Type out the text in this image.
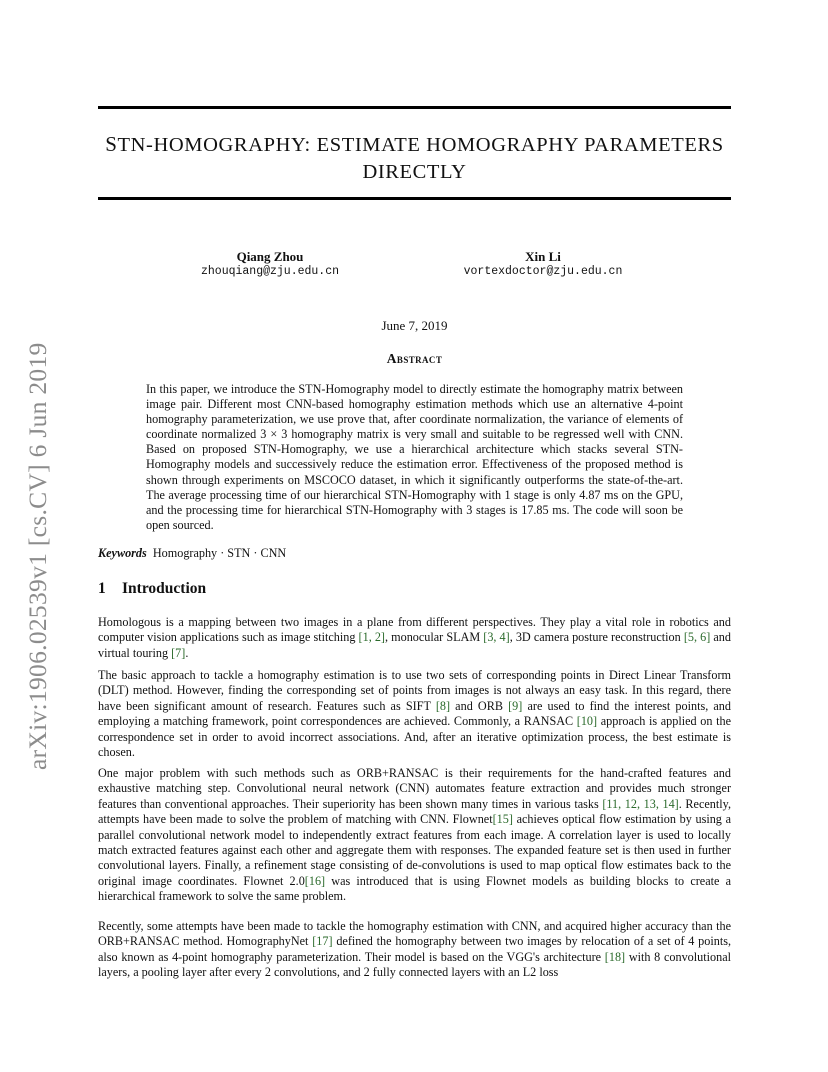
arXiv:1906.02539v1 [cs.CV] 6 Jun 2019
STN-HOMOGRAPHY: ESTIMATE HOMOGRAPHY PARAMETERS
DIRECTLY
Qiang Zhou
zhouqiang@zju.edu.cn
Xin Li
vortexdoctor@zju.edu.cn
June 7, 2019
Abstract

In this paper, we introduce the STN-Homography model to directly estimate the homography matrix between image pair. Different most CNN-based homography estimation methods which use an alternative 4-point homography parameterization, we use prove that, after coordinate normalization, the variance of elements of coordinate normalized 3 × 3 homography matrix is very small and suitable to be regressed well with CNN. Based on proposed STN-Homography, we use a hierarchical architecture which stacks several STN-Homography models and successively reduce the estimation error. Effectiveness of the proposed method is shown through experiments on MSCOCO dataset, in which it significantly outperforms the state-of-the-art. The average processing time of our hierarchical STN-Homography with 1 stage is only 4.87 ms on the GPU, and the processing time for hierarchical STN-Homography with 3 stages is 17.85 ms. The code will soon be open sourced.

Keywords Homography · STN · CNN
1 Introduction

Homologous is a mapping between two images in a plane from different perspectives. They play a vital role in robotics and computer vision applications such as image stitching [1, 2], monocular SLAM [3, 4], 3D camera posture reconstruction [5, 6] and virtual touring [7].

The basic approach to tackle a homography estimation is to use two sets of corresponding points in Direct Linear Transform (DLT) method. However, finding the corresponding set of points from images is not always an easy task. In this regard, there have been significant amount of research. Features such as SIFT [8] and ORB [9] are used to find the interest points, and employing a matching framework, point correspondences are achieved. Commonly, a RANSAC [10] approach is applied on the correspondence set in order to avoid incorrect associations. And, after an iterative optimization process, the best estimate is chosen.

One major problem with such methods such as ORB+RANSAC is their requirements for the hand-crafted features and exhaustive matching step. Convolutional neural network (CNN) automates feature extraction and provides much stronger features than conventional approaches. Their superiority has been shown many times in various tasks [11, 12, 13, 14]. Recently, attempts have been made to solve the problem of matching with CNN. Flownet[15] achieves optical flow estimation by using a parallel convolutional network model to independently extract features from each image. A correlation layer is used to locally match extracted features against each other and aggregate them with responses. The expanded feature set is then used in further convolutional layers. Finally, a refinement stage consisting of de-convolutions is used to map optical flow estimates back to the original image coordinates. Flownet 2.0[16] was introduced that is using Flownet models as building blocks to create a hierarchical framework to solve the same problem.

Recently, some attempts have been made to tackle the homography estimation with CNN, and acquired higher accuracy than the ORB+RANSAC method. HomographyNet [17] defined the homography between two images by relocation of a set of 4 points, also known as 4-point homography parameterization. Their model is based on the VGG's architecture [18] with 8 convolutional layers, a pooling layer after every 2 convolutions, and 2 fully connected layers with an L2 loss
